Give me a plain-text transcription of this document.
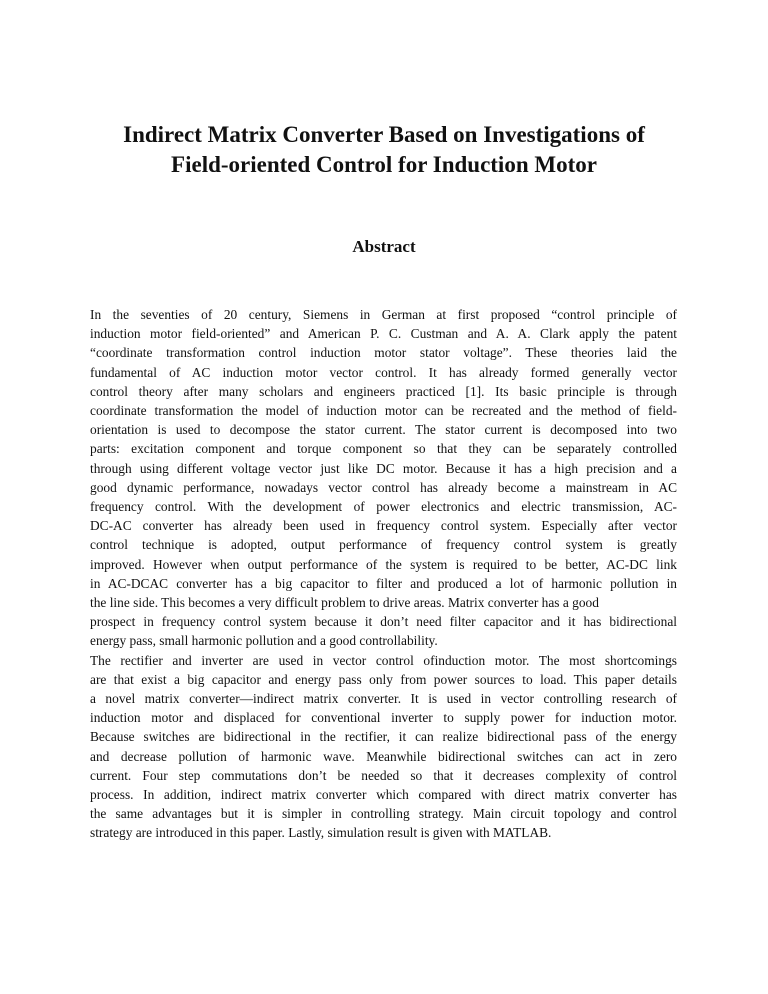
Indirect Matrix Converter Based on Investigations of
Field-oriented Control for Induction Motor
Abstract

In the seventies of 20 century, Siemens in German at first proposed “control principle of
induction motor field-oriented” and American P. C. Custman and A. A. Clark apply the patent
“coordinate transformation control induction motor stator voltage”. These theories laid the
fundamental of AC induction motor vector control. It has already formed generally vector
control theory after many scholars and engineers practiced [1]. Its basic principle is through
coordinate transformation the model of induction motor can be recreated and the method of field-
orientation is used to decompose the stator current. The stator current is decomposed into two
parts: excitation component and torque component so that they can be separately controlled
through using different voltage vector just like DC motor. Because it has a high precision and a
good dynamic performance, nowadays vector control has already become a mainstream in AC
frequency control. With the development of power electronics and electric transmission, AC-
DC-AC converter has already been used in frequency control system. Especially after vector
control technique is adopted, output performance of frequency control system is greatly
improved. However when output performance of the system is required to be better, AC-DC link
in AC-DCAC converter has a big capacitor to filter and produced a lot of harmonic pollution in
the line side. This becomes a very difficult problem to drive areas. Matrix converter has a good
prospect in frequency control system because it don’t need filter capacitor and it has bidirectional
energy pass, small harmonic pollution and a good controllability.

The rectifier and inverter are used in vector control ofinduction motor. The most shortcomings
are that exist a big capacitor and energy pass only from power sources to load. This paper details
a novel matrix converter—indirect matrix converter. It is used in vector controlling research of
induction motor and displaced for conventional inverter to supply power for induction motor.
Because switches are bidirectional in the rectifier, it can realize bidirectional pass of the energy
and decrease pollution of harmonic wave. Meanwhile bidirectional switches can act in zero
current. Four step commutations don’t be needed so that it decreases complexity of control
process. In addition, indirect matrix converter which compared with direct matrix converter has
the same advantages but it is simpler in controlling strategy. Main circuit topology and control
strategy are introduced in this paper. Lastly, simulation result is given with MATLAB.
